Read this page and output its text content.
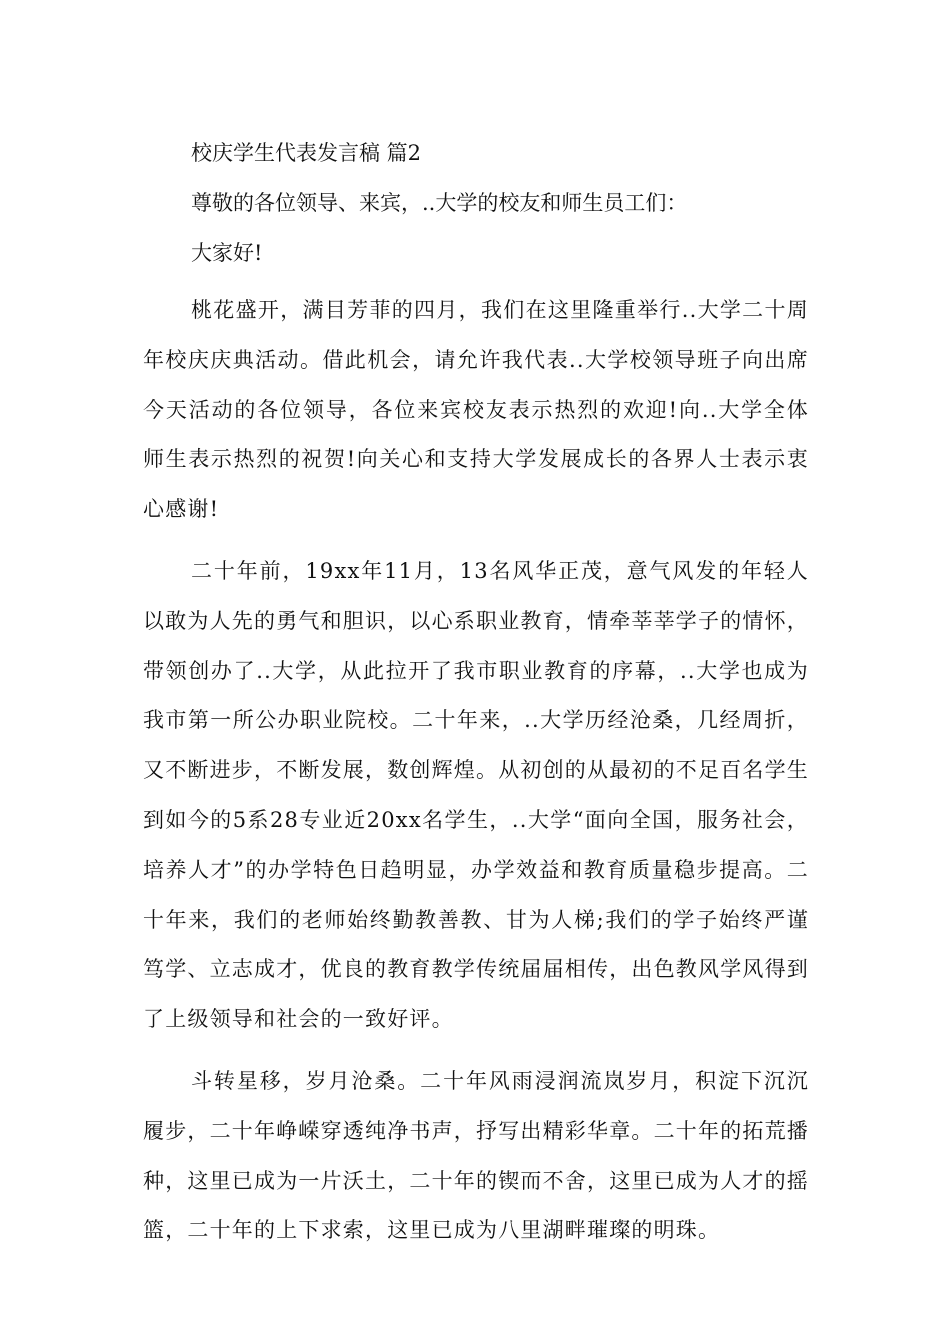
校庆学生代表发言稿 篇2

尊敬的各位领导、来宾，..大学的校友和师生员工们：

大家好!

桃花盛开，满目芳菲的四月，我们在这里隆重举行..大学二十周年校庆庆典活动。借此机会，请允许我代表..大学校领导班子向出席今天活动的各位领导，各位来宾校友表示热烈的欢迎!向..大学全体师生表示热烈的祝贺!向关心和支持大学发展成长的各界人士表示衷心感谢!

二十年前，19xx年11月，13名风华正茂，意气风发的年轻人以敢为人先的勇气和胆识，以心系职业教育，情牵莘莘学子的情怀，带领创办了..大学，从此拉开了我市职业教育的序幕，..大学也成为我市第一所公办职业院校。二十年来，..大学历经沧桑，几经周折，又不断进步，不断发展，数创辉煌。从初创的从最初的不足百名学生到如今的5系28专业近20xx名学生，..大学“面向全国，服务社会，培养人才”的办学特色日趋明显，办学效益和教育质量稳步提高。二十年来，我们的老师始终勤教善教、甘为人梯;我们的学子始终严谨笃学、立志成才，优良的教育教学传统届届相传，出色教风学风得到了上级领导和社会的一致好评。

斗转星移，岁月沧桑。二十年风雨浸润流岚岁月，积淀下沉沉履步，二十年峥嵘穿透纯净书声，抒写出精彩华章。二十年的拓荒播种，这里已成为一片沃土，二十年的锲而不舍，这里已成为人才的摇篮，二十年的上下求索，这里已成为八里湖畔璀璨的明珠。
